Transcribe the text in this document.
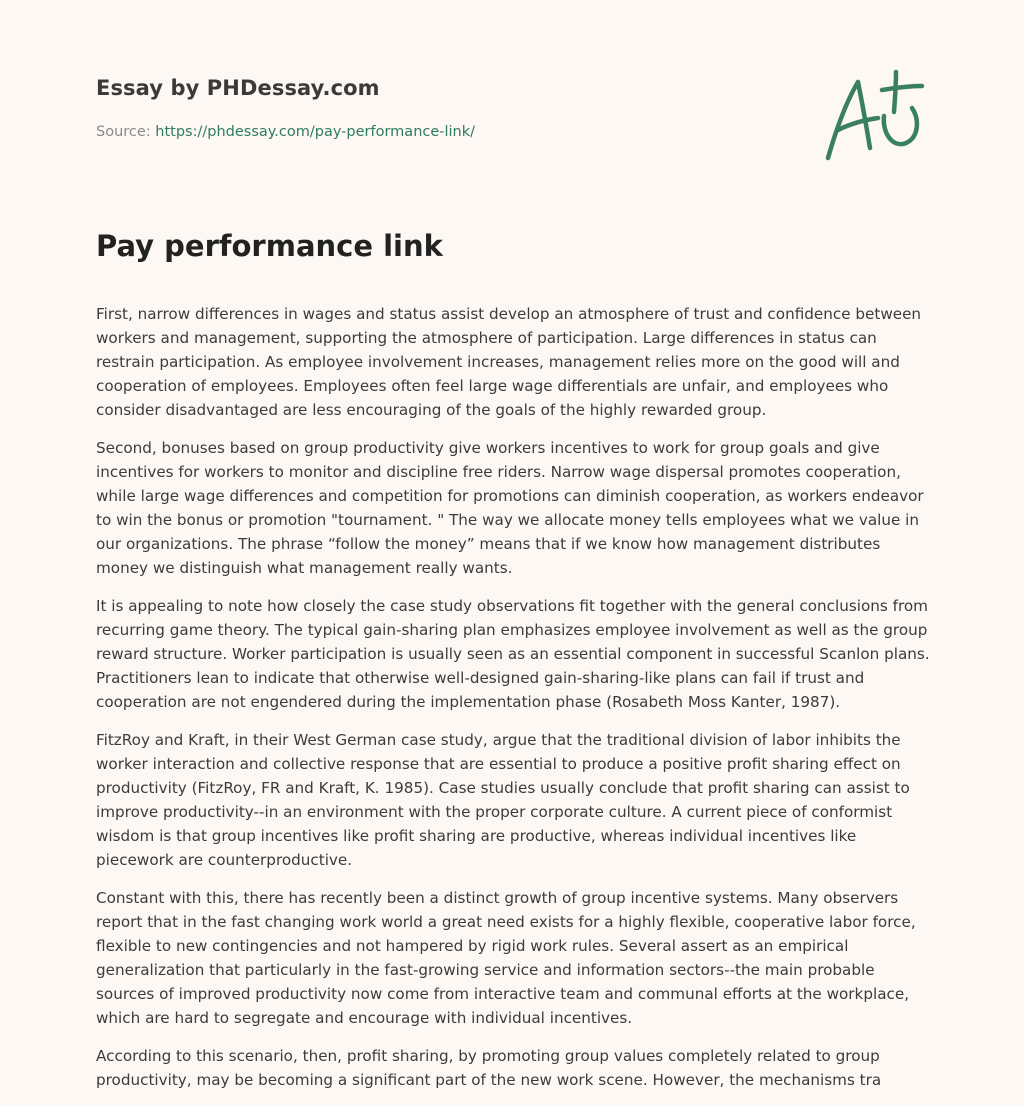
Essay by PHDessay.com
Source: https://phdessay.com/pay-performance-link/
Pay performance link

First, narrow differences in wages and status assist develop an atmosphere of trust and confidence between workers and management, supporting the atmosphere of participation. Large differences in status can restrain participation. As employee involvement increases, management relies more on the good will and cooperation of employees. Employees often feel large wage differentials are unfair, and employees who consider disadvantaged are less encouraging of the goals of the highly rewarded group.

Second, bonuses based on group productivity give workers incentives to work for group goals and give incentives for workers to monitor and discipline free riders. Narrow wage dispersal promotes cooperation, while large wage differences and competition for promotions can diminish cooperation, as workers endeavor to win the bonus or promotion "tournament. " The way we allocate money tells employees what we value in our organizations. The phrase “follow the money” means that if we know how management distributes money we distinguish what management really wants.

It is appealing to note how closely the case study observations fit together with the general conclusions from recurring game theory. The typical gain-sharing plan emphasizes employee involvement as well as the group reward structure. Worker participation is usually seen as an essential component in successful Scanlon plans. Practitioners lean to indicate that otherwise well-designed gain-sharing-like plans can fail if trust and cooperation are not engendered during the implementation phase (Rosabeth Moss Kanter, 1987).

FitzRoy and Kraft, in their West German case study, argue that the traditional division of labor inhibits the worker interaction and collective response that are essential to produce a positive profit sharing effect on productivity (FitzRoy, FR and Kraft, K. 1985). Case studies usually conclude that profit sharing can assist to improve productivity--in an environment with the proper corporate culture. A current piece of conformist wisdom is that group incentives like profit sharing are productive, whereas individual incentives like piecework are counterproductive.

Constant with this, there has recently been a distinct growth of group incentive systems. Many observers report that in the fast changing work world a great need exists for a highly flexible, cooperative labor force, flexible to new contingencies and not hampered by rigid work rules. Several assert as an empirical generalization that particularly in the fast-growing service and information sectors--the main probable sources of improved productivity now come from interactive team and communal efforts at the workplace, which are hard to segregate and encourage with individual incentives.

According to this scenario, then, profit sharing, by promoting group values completely related to group productivity, may be becoming a significant part of the new work scene. However, the mechanisms tra
